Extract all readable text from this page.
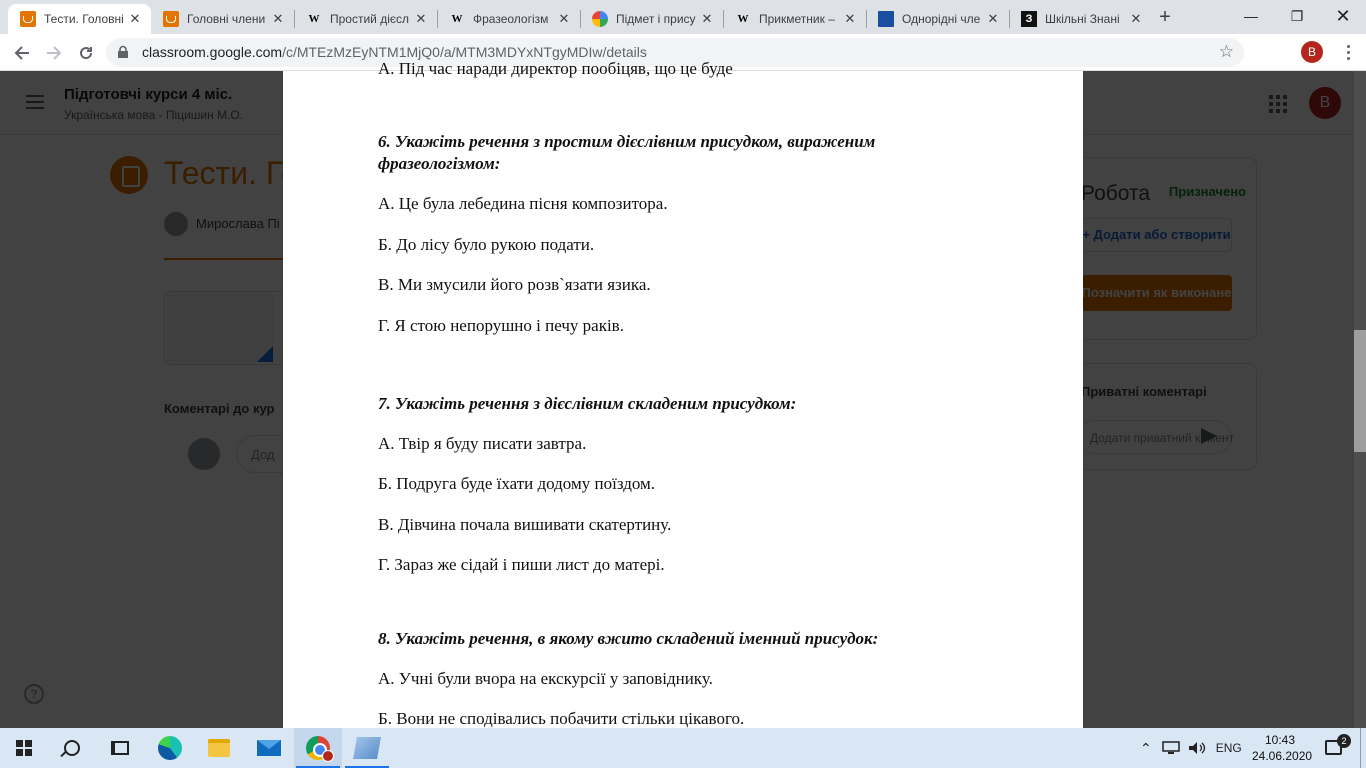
Тести. Головні ✕	Головні члени ✕ W Простий дієсл ✕ W Фразеологізм ✕	Підмет і прису ✕ W Прикметник – ✕	Однорідні чле ✕	З	Шкільні Знані ✕ +	—	❐	✕
classroom.google.com/c/MTEzMzEyNTM1MjQ0/a/MTM3MDYxNTgyMDIw/details	☆	B
А. Під час наради директор пообіцяв, що це буде
6. Укажіть речення з простим дієслівним присудком, вираженим фразеологізмом:
А. Це була лебедина пісня композитора.
Б. До лісу було рукою подати.
В. Ми змусили його розв`язати язика.
Г. Я стою непорушно і печу раків.
7. Укажіть речення з дієслівним складеним присудком:
А. Твір я буду писати завтра.
Б. Подруга буде їхати додому поїздом.
В. Дівчина почала вишивати скатертину.
Г. Зараз же сідай і пиши лист до матері.
8. Укажіть речення, в якому вжито складений іменний присудок:
А. Учні були вчора на екскурсії у заповіднику.
Б. Вони не сподівались побачити стільки цікавого.
⌃	ENG
10:43
24.06.2020
2
